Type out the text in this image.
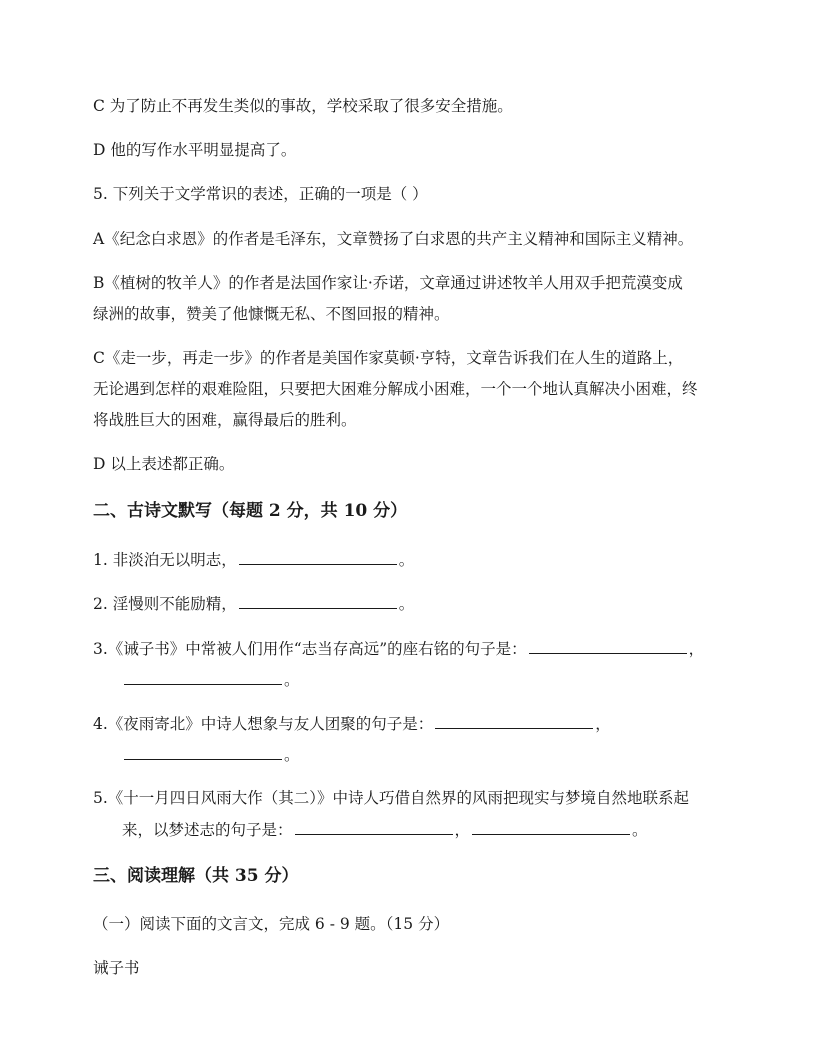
C 为了防止不再发生类似的事故，学校采取了很多安全措施。
D 他的写作水平明显提高了。
5. 下列关于文学常识的表述，正确的一项是（ ）
A《纪念白求恩》的作者是毛泽东，文章赞扬了白求恩的共产主义精神和国际主义精神。
B《植树的牧羊人》的作者是法国作家让·乔诺，文章通过讲述牧羊人用双手把荒漠变成
绿洲的故事，赞美了他慷慨无私、不图回报的精神。
C《走一步，再走一步》的作者是美国作家莫顿·亨特，文章告诉我们在人生的道路上，
无论遇到怎样的艰难险阻，只要把大困难分解成小困难，一个一个地认真解决小困难，终
将战胜巨大的困难，赢得最后的胜利。
D 以上表述都正确。
二、古诗文默写（每题 2 分，共 10 分）
1. 非淡泊无以明志，	。
2. 淫慢则不能励精，	。
3.《诫子书》中常被人们用作“志当存高远”的座右铭的句子是：	，
。
4.《夜雨寄北》中诗人想象与友人团聚的句子是：	，
。
5.《十一月四日风雨大作（其二）》中诗人巧借自然界的风雨把现实与梦境自然地联系起
来，以梦述志的句子是：	，	。
三、阅读理解（共 35 分）
（一）阅读下面的文言文，完成 6 - 9 题。（15 分）
诫子书
